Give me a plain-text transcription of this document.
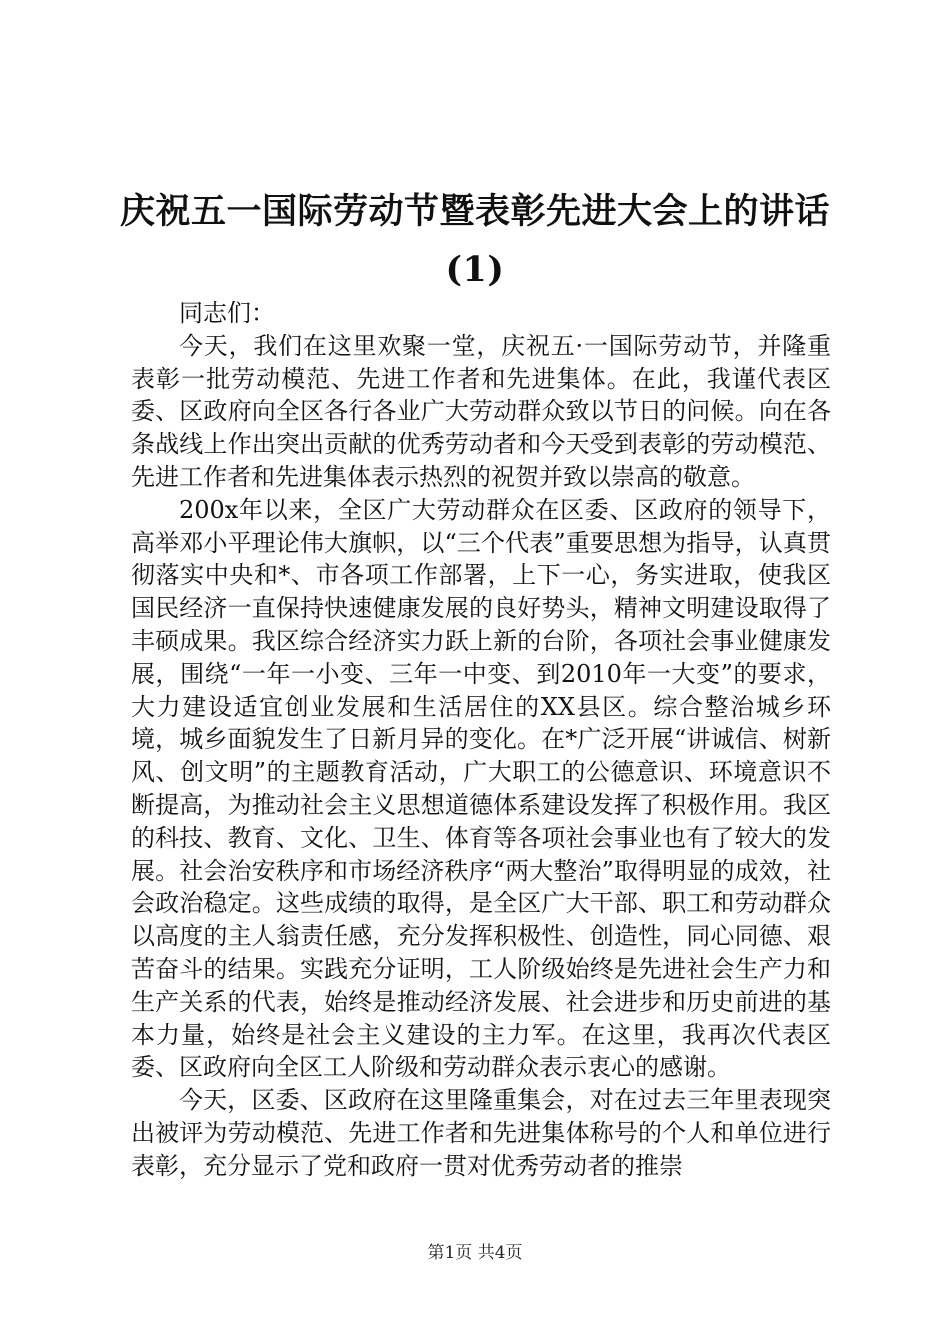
庆祝五一国际劳动节暨表彰先进大会上的讲话
(1)

同志们：

今天，我们在这里欢聚一堂，庆祝五·一国际劳动节，并隆重表彰一批劳动模范、先进工作者和先进集体。在此，我谨代表区委、区政府向全区各行各业广大劳动群众致以节日的问候。向在各条战线上作出突出贡献的优秀劳动者和今天受到表彰的劳动模范、先进工作者和先进集体表示热烈的祝贺并致以崇高的敬意。

200x年以来，全区广大劳动群众在区委、区政府的领导下，高举邓小平理论伟大旗帜，以“三个代表”重要思想为指导，认真贯彻落实中央和*、市各项工作部署，上下一心，务实进取，使我区国民经济一直保持快速健康发展的良好势头，精神文明建设取得了丰硕成果。我区综合经济实力跃上新的台阶，各项社会事业健康发展，围绕“一年一小变、三年一中变、到2010年一大变”的要求，大力建设适宜创业发展和生活居住的XX县区。综合整治城乡环境，城乡面貌发生了日新月异的变化。在*广泛开展“讲诚信、树新风、创文明”的主题教育活动，广大职工的公德意识、环境意识不断提高，为推动社会主义思想道德体系建设发挥了积极作用。我区的科技、教育、文化、卫生、体育等各项社会事业也有了较大的发展。社会治安秩序和市场经济秩序“两大整治”取得明显的成效，社会政治稳定。这些成绩的取得，是全区广大干部、职工和劳动群众以高度的主人翁责任感，充分发挥积极性、创造性，同心同德、艰苦奋斗的结果。实践充分证明，工人阶级始终是先进社会生产力和生产关系的代表，始终是推动经济发展、社会进步和历史前进的基本力量，始终是社会主义建设的主力军。在这里，我再次代表区委、区政府向全区工人阶级和劳动群众表示衷心的感谢。

今天，区委、区政府在这里隆重集会，对在过去三年里表现突出被评为劳动模范、先进工作者和先进集体称号的个人和单位进行表彰，充分显示了党和政府一贯对优秀劳动者的推崇

第1页 共4页
